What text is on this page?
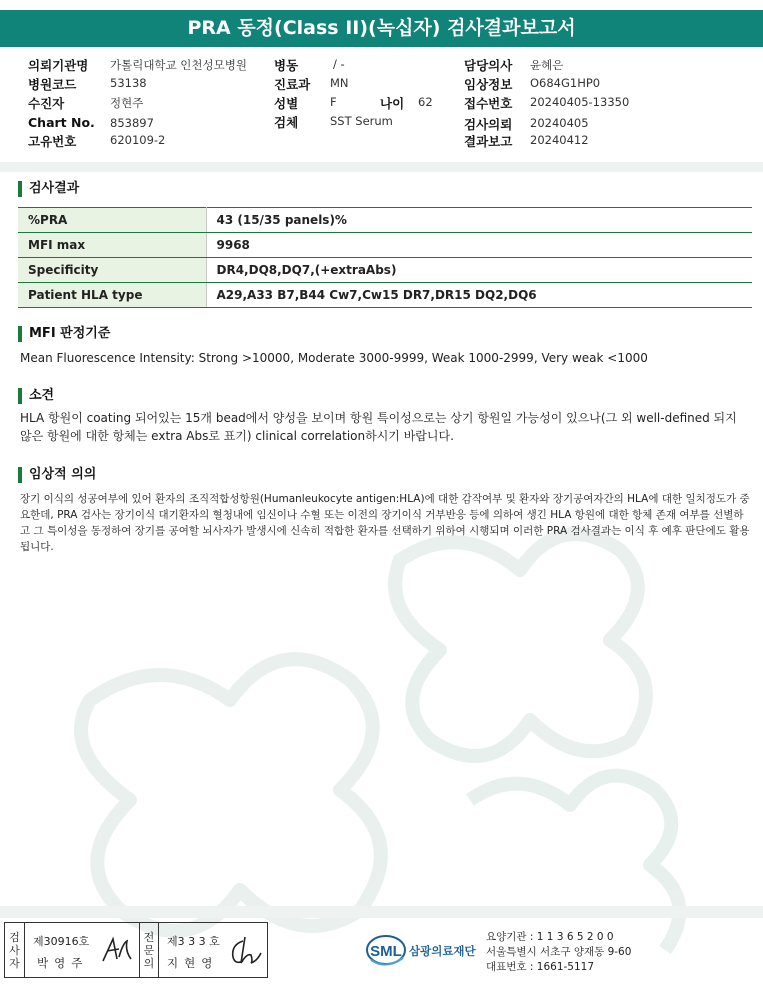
PRA 동정(Class II)(녹십자) 검사결과보고서
의뢰기관명 가톨릭대학교 인천성모병원
병원코드	53138
수진자	정현주
Chart No. 853897
고유번호	620109-2
병동	/ -
진료과 MN
성별	F	나이 62
검체	SST Serum
담당의사 윤혜은
임상정보 O684G1HP0
접수번호 20240405-13350
검사의뢰 20240405
결과보고 20240412
검사결과
%PRA	43 (15/35 panels)%
MFI max	9968
Specificity	DR4,DQ8,DQ7,(+extraAbs)
Patient HLA type	A29,A33 B7,B44 Cw7,Cw15 DR7,DR15 DQ2,DQ6
MFI 판정기준
Mean Fluorescence Intensity: Strong >10000, Moderate 3000-9999, Weak 1000-2999, Very weak <1000
소견
HLA 항원이 coating 되어있는 15개 bead에서 양성을 보이며 항원 특이성으로는 상기 항원일 가능성이 있으나(그 외 well-defined 되지 않은 항원에 대한 항체는 extra Abs로 표기) clinical correlation하시기 바랍니다.
임상적 의의
장기 이식의 성공여부에 있어 환자의 조직적합성항원(Humanleukocyte antigen:HLA)에 대한 감작여부 및 환자와 장기공여자간의 HLA에 대한 일치정도가 중요한데, PRA 검사는 장기이식 대기환자의 혈청내에 임신이나 수혈 또는 이전의 장기이식 거부반응 등에 의하여 생긴 HLA 항원에 대한 항체 존재 여부를 선별하고 그 특이성을 동정하여 장기를 공여할 뇌사자가 발생시에 신속히 적합한 환자를 선택하기 위하여 시행되며 이러한 PRA 검사결과는 이식 후 예후 판단에도 활용됩니다.
검
사
자
제30916호
박영주
전
문
의
제3 3 3 호
지현영
SML 삼광의료재단
요양기관 : 1 1 3 6 5 2 0 0
서울특별시 서초구 양재동 9-60
대표번호 : 1661-5117
